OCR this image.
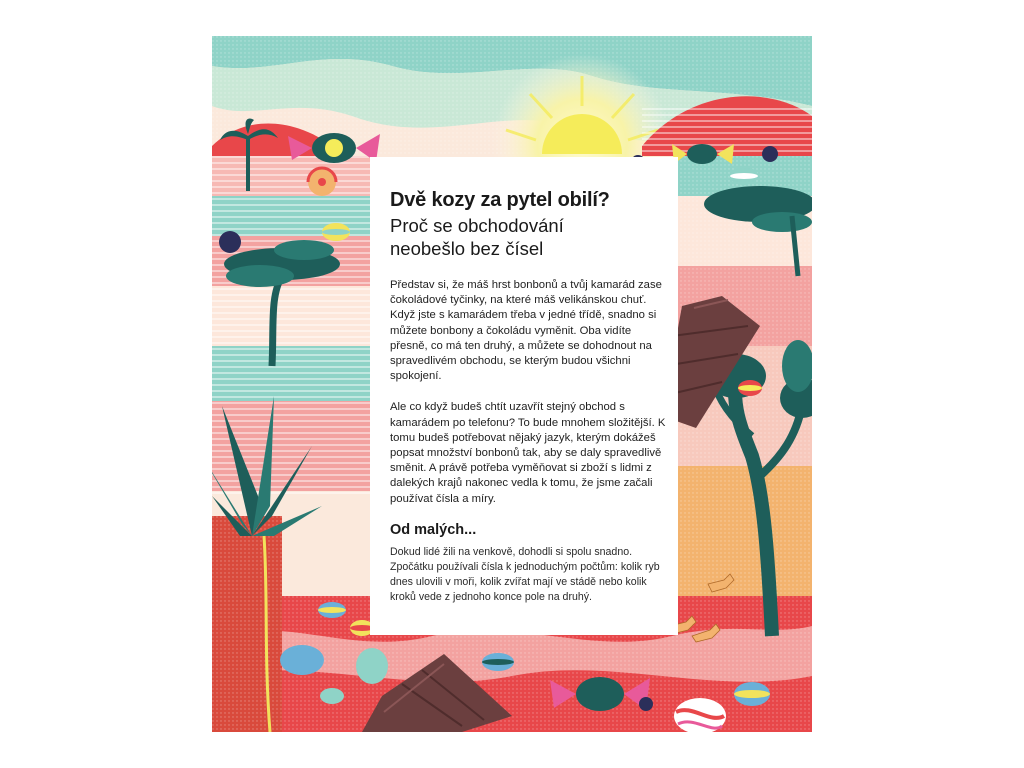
Dvě kozy za pytel obilí?
Proč se obchodování
neobešlo bez čísel

Představ si, že máš hrst bonbonů a tvůj kamarád zase čokoládové tyčinky, na které máš velikánskou chuť. Když jste s kamarádem třeba v jedné třídě, snadno si můžete bonbony a čokoládu vyměnit. Oba vidíte přesně, co má ten druhý, a můžete se dohodnout na spravedlivém obchodu, se kterým budou všichni spokojení.

Ale co když budeš chtít uzavřít stejný obchod s kamarádem po telefonu? To bude mnohem složitější. K tomu budeš potřebovat nějaký jazyk, kterým dokážeš popsat množství bonbonů tak, aby se daly spravedlivě směnit. A právě potřeba vyměňovat si zboží s lidmi z dalekých krajů nakonec vedla k tomu, že jsme začali používat čísla a míry.

Od malých...

Dokud lidé žili na venkově, dohodli si spolu snadno. Zpočátku používali čísla k jednoduchým počtům: kolik ryb dnes ulovili v moři, kolik zvířat mají ve stádě nebo kolik kroků vede z jednoho konce pole na druhý.
